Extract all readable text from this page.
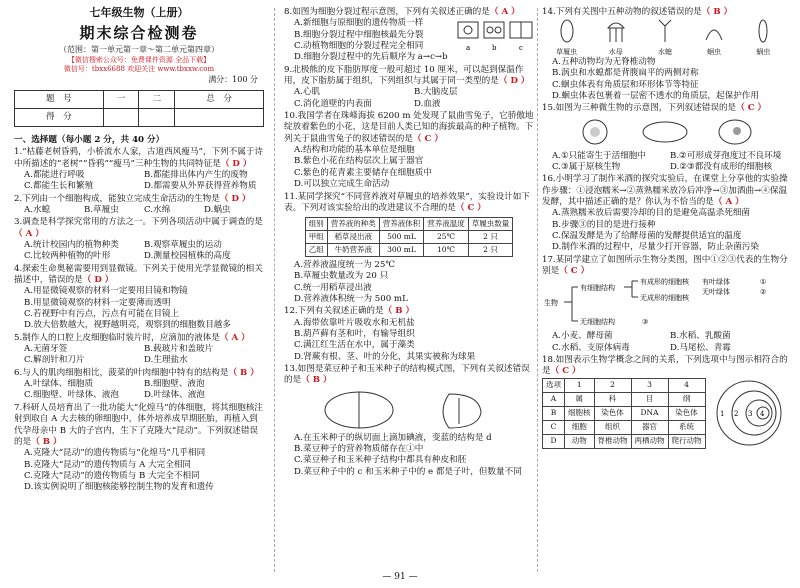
七年级生物（上册）
期末综合检测卷
（范围：第一单元第一章～第二单元第四章）
【微信搜索公众号：免费课件资源 全品下载】
微信号：tbxx6688 欢迎关注 www.tbxxw.com
满分：100 分
题　号	一	二	总　分
得　分			
一、选择题（每小题 2 分，共 40 分）
1.“枯藤老树昏鸦，小桥流水人家，古道西风瘦马”，下列不属于诗中所描述的“老树”“昏鸦”“瘦马”三种生物的共同特征是（ D ）
A.都能进行呼吸	B.都能排出体内产生的废物
C.都能生长和繁殖	D.都需要从外界获得营养物质
2.下列由一个细胞构成，能独立完成生命活动的生物是（ D ）
A.水螅	B.草履虫	C.水绵	D.蜗虫
3.调查是科学探究常用的方法之一。下列各项活动中属于调查的是（ A ）
A.统计校园内的植物种类	B.观察草履虫的运动
C.比较两种植物的叶形	D.测量校园植株的高度
4.探索生命奥秘需要用到显微镜。下列关于使用光学显微镜的相关描述中，错误的是（ D ）
A.用显微镜观察的材料一定要用目镜和物镜
B.用显微镜观察的材料一定要薄而透明
C.若视野中有污点，污点有可能在目镜上
D.放大倍数越大，视野越明亮，观察到的细胞数目越多
5.制作人的口腔上皮细胞临时装片时，应滴加的液体是（ A ）
A.无菌牙签	B.载玻片和盖玻片
C.解剖针和刀片	D.生理盐水
6.与人的肌肉细胞相比，菠菜的叶肉细胞中特有的结构是（ B ）
A.叶绿体、细胞质	B.细胞壁、液泡
C.细胞壁、叶绿体、液泡	D.叶绿体、液泡
7.科研人员培育出了一批功能大“化煌马”的体细胞，将其细胞核注射到取自 A 大去核的卵细胞中，体外培养成早期胚胎，再植入到代孕母亲中 B 大的子宫内，生下了克隆大“昆动”。下列叙述错误的是（ B ）
A.克隆大“昆动”的遗传物质与“化煌马”几乎相同
B.克隆大“昆动”的遗传物质与 A 大完全相同
C.克隆大“昆动”的遗传物质与 B 大完全不相同
D.该实例说明了细胞核能够控制生物的发育和遗传
8.如图为细胞分裂过程示意图，下列有关叙述正确的是（ A ）
A.新细胞与原细胞的遗传物质一样
B.细胞分裂过程中细胞核最先分裂
C.动植物细胞的分裂过程完全相同
D.细胞分裂过程中的先后顺序为 a→c→b
a	b	c
9.北极熊的皮下脂肪厚度一般可超过 10 厘米，可以起到保温作用，皮下脂肪属于组织，下列组织与其属于同一类型的是（ D ）
A.心肌	B.大脑皮层
C.消化道壁的内表面	D.血液
10.我国学者在珠峰海拔 6200 m 处发现了鼠曲雪兔子，它骄傲地绽放着紫色的小花，这是目前人类已知的海拔最高的种子植物。下列关于鼠曲雪兔子的叙述错误的是（ C ）
A.结构和功能的基本单位是细胞
B.紫色小花在结构层次上属于器官
C.紫色的花青素主要储存在细胞质中
D.可以独立完成生命活动
11.某同学探究“不同营养液对草履虫的培养效果”，实验设计如下表。下列对该实验给出的改进建议不合理的是（ C ）
组别	营养液的种类	营养液体积	营养液温度	草履虫数量
甲组	稻草浸出液	500 mL	25℃	2 只
乙组	牛奶营养液	300 mL	10℃	2 只
A.营养液温度统一为 25℃
B.草履虫数量改为 20 只
C.统一用稻草浸出液
D.营养液体积统一为 500 mL
12.下列有关叙述正确的是（ B ）
A.海带依靠叶片吸收水和无机盐
B.葫芦藓有茎和叶，有输导组织
C.满江红生活在水中，属于藻类
D.肾蕨有根、茎、叶的分化，其果实被称为球果
13.如图是菜豆种子和玉米种子的结构模式图，下列有关叙述错误的是（ B ）
A.在玉米种子的纵切面上滴加碘液，变蓝的结构是 d
B.菜豆种子的营养物质储存在①中
C.菜豆种子和玉米种子结构中都具有种皮和胚
D.菜豆种子中的 c 和玉米种子中的 e 都是子叶，但数量不同
14.下列有关图中五种动物的叙述错误的是（ B ）
草履虫	水母	水螅	蛔虫	蜗虫
A.五种动物均为无脊椎动物
B.涡虫和水螅都是背腹扁平的两侧对称
C.蛔虫体表有角质层和环形体节等特征
D.蛔虫体表包裹着一层密不透水的角质层，起保护作用
15.如图为三种微生物的示意图，下列叙述错误的是（ C ）
A.①只能寄生于活细胞中	B.②可形成芽孢度过不良环境
C.③属于原核生物	D.②③都没有成形的细胞核
16.小明学习了制作米酒的探究实验后，在课堂上分享他的实验操作步骤：①浸泡糯米→②蒸熟糯米放冷后冲净→③加酒曲→④保温发酵，其中描述正确的是？你认为不恰当的是（ A ）
A.蒸熟糯米放后需要冷却的目的是避免高温杀死细菌
B.步骤③的目的是进行接种
C.保温发酵是为了给酵母菌的发酵提供适宜的温度
D.制作米酒的过程中，尽量少打开容器，防止杂菌污染
17.某同学建立了如图所示生物分类图，图中①②③代表的生物分别是（ C ）
生物
有细胞结构
有成形的细胞核
无成形的细胞核
有叶绿体
无叶绿体
①
②
无细胞结构	③
A.小麦、酵母菌	B.水稻、乳酸菌
C.水稻、支原体病毒	D.马尾松、青霉
18.如图表示生物学概念之间的关系，下列选项中与图示相符合的是（ C ）
选项	1	2	3	4
A	属	科	目	纲
B	细胞核	染色体	DNA	染色体
C	细胞	组织	器官	系统
D	动物	脊椎动物	两栖动物	爬行动物
1 2 3 4
— 91 —
